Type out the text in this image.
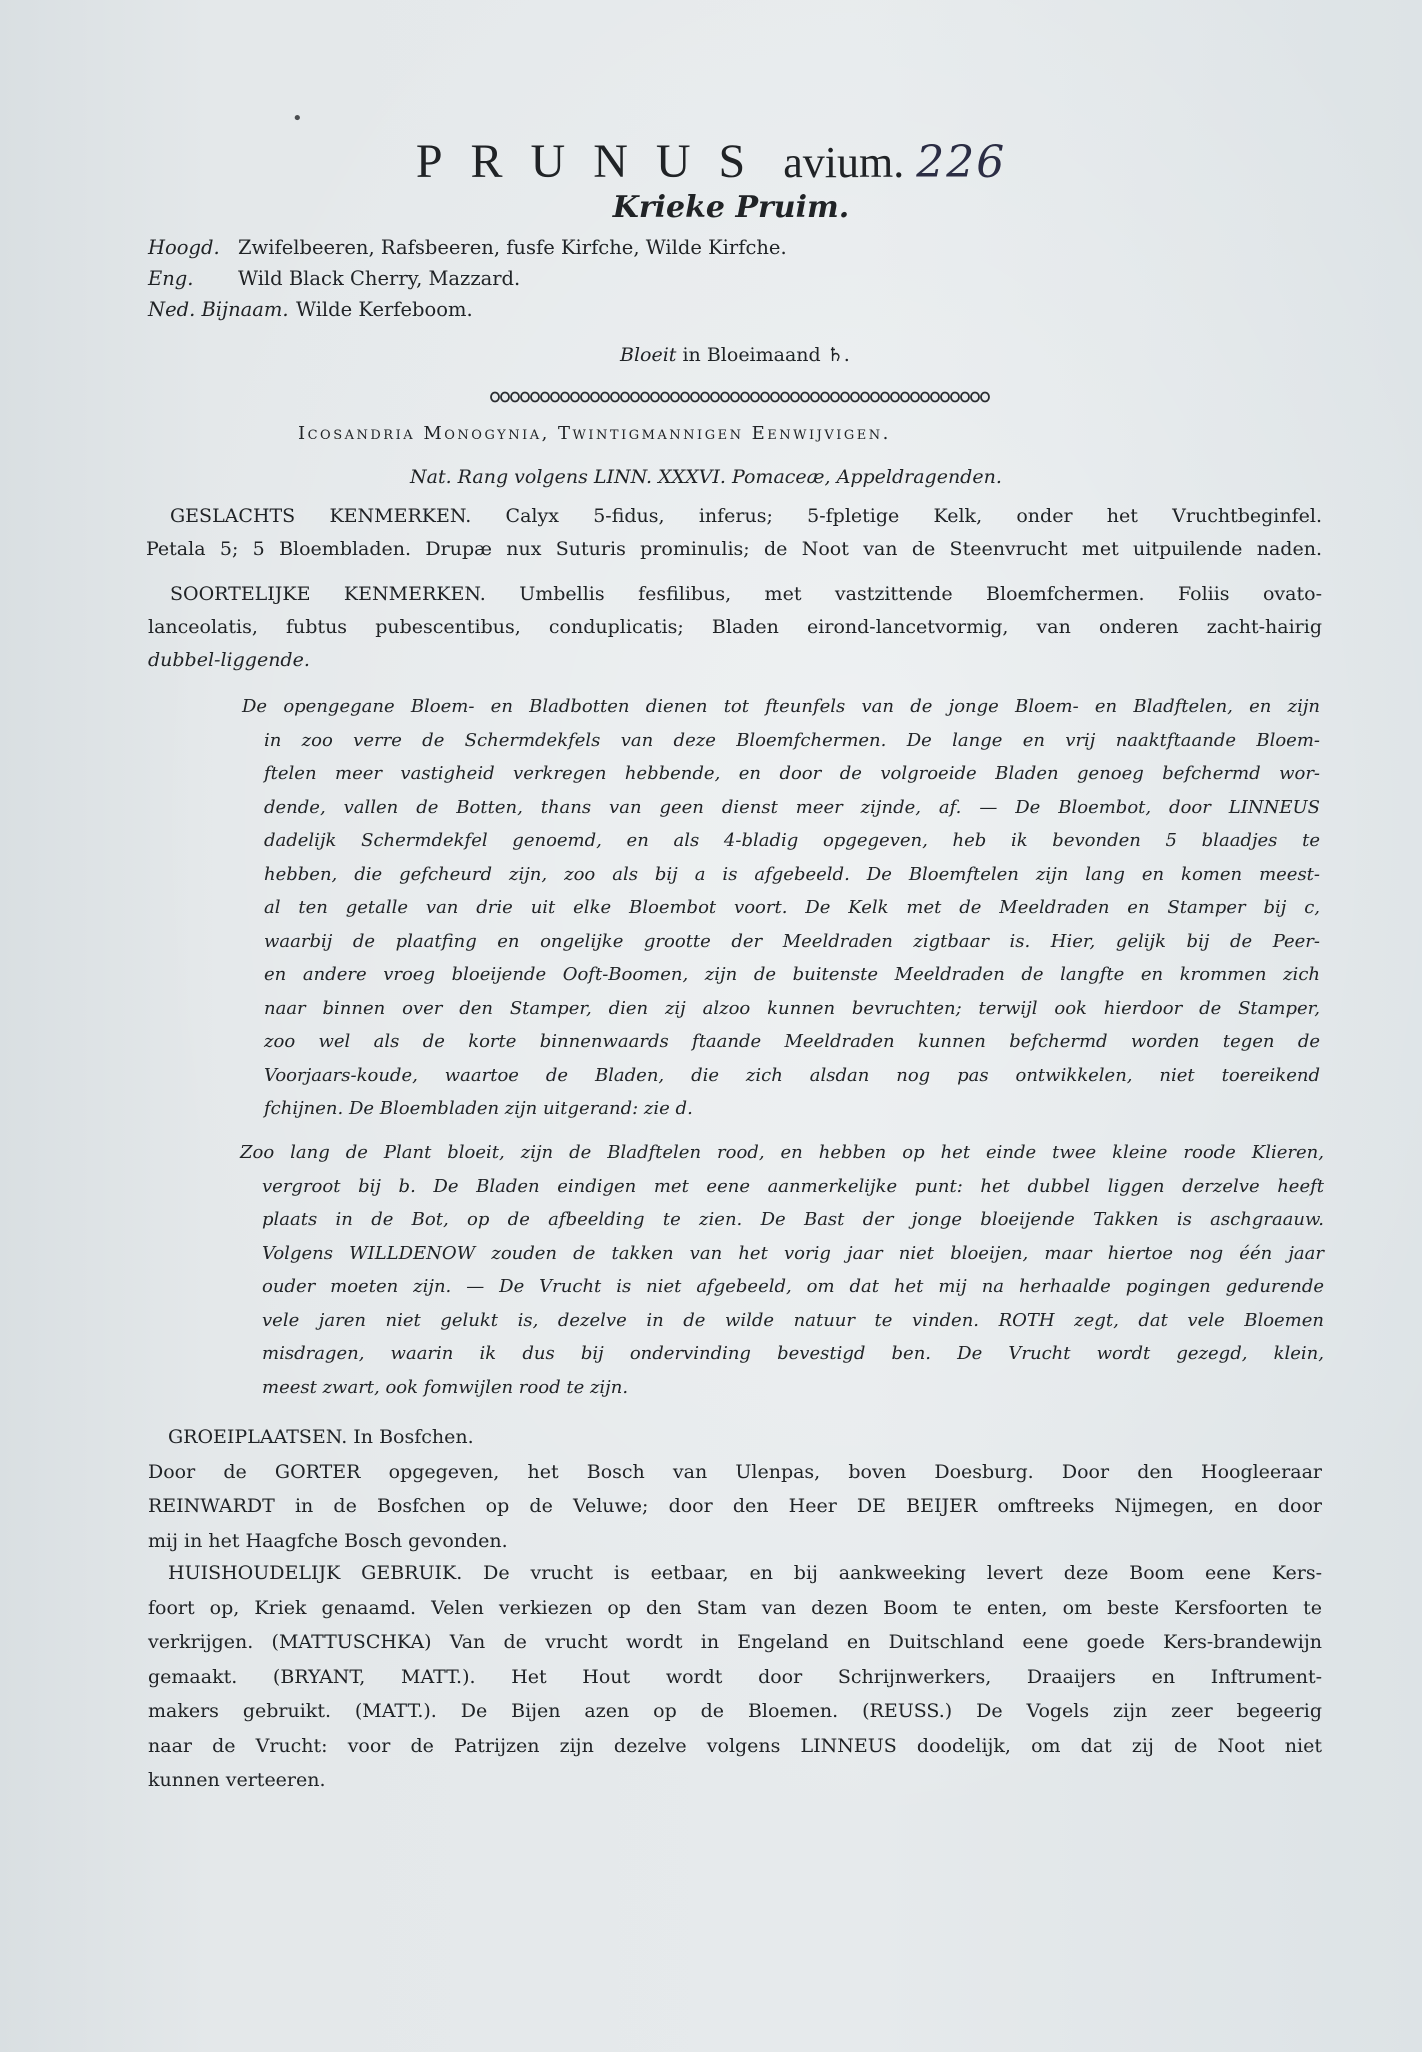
•
PRUNUS avium. 226
Krieke Pruim.
Hoogd. Zwifelbeeren, Rafsbeeren, fusfe Kirfche, Wilde Kirfche.
Eng.	Wild Black Cherry, Mazzard.
Ned. Bijnaam. Wilde Kerfeboom.
Bloeit in Bloeimaand ♄.
Icosandria Monogynia, Twintigmannigen Eenwijvigen.
Nat. Rang volgens LINN. XXXVI. Pomaceæ, Appeldragenden.
GESLACHTS KENMERKEN. Calyx 5-fidus, inferus; 5-fpletige Kelk, onder het Vruchtbeginfel.
Petala 5; 5 Bloembladen. Drupæ nux Suturis prominulis; de Noot van de Steenvrucht met uitpuilende naden.
SOORTELIJKE KENMERKEN. Umbellis fesfilibus, met vastzittende Bloemfchermen. Foliis ovato-
lanceolatis, fubtus pubescentibus, conduplicatis; Bladen eirond-lancetvormig, van onderen zacht-hairig
dubbel-liggende.
De opengegane Bloem- en Bladbotten dienen tot fteunfels van de jonge Bloem- en Bladftelen, en zijn
in zoo verre de Schermdekfels van deze Bloemfchermen. De lange en vrij naaktftaande Bloem-
ftelen meer vastigheid verkregen hebbende, en door de volgroeide Bladen genoeg befchermd wor-
dende, vallen de Botten, thans van geen dienst meer zijnde, af. — De Bloembot, door LINNEUS
dadelijk Schermdekfel genoemd, en als 4-bladig opgegeven, heb ik bevonden 5 blaadjes te
hebben, die gefcheurd zijn, zoo als bij a is afgebeeld. De Bloemftelen zijn lang en komen meest-
al ten getalle van drie uit elke Bloembot voort. De Kelk met de Meeldraden en Stamper bij c,
waarbij de plaatfing en ongelijke grootte der Meeldraden zigtbaar is. Hier, gelijk bij de Peer-
en andere vroeg bloeijende Ooft-Boomen, zijn de buitenste Meeldraden de langfte en krommen zich
naar binnen over den Stamper, dien zij alzoo kunnen bevruchten; terwijl ook hierdoor de Stamper,
zoo wel als de korte binnenwaards ftaande Meeldraden kunnen befchermd worden tegen de
Voorjaars-koude, waartoe de Bladen, die zich alsdan nog pas ontwikkelen, niet toereikend
fchijnen. De Bloembladen zijn uitgerand: zie d.
Zoo lang de Plant bloeit, zijn de Bladftelen rood, en hebben op het einde twee kleine roode Klieren,
vergroot bij b. De Bladen eindigen met eene aanmerkelijke punt: het dubbel liggen derzelve heeft
plaats in de Bot, op de afbeelding te zien. De Bast der jonge bloeijende Takken is aschgraauw.
Volgens WILLDENOW zouden de takken van het vorig jaar niet bloeijen, maar hiertoe nog één jaar
ouder moeten zijn. — De Vrucht is niet afgebeeld, om dat het mij na herhaalde pogingen gedurende
vele jaren niet gelukt is, dezelve in de wilde natuur te vinden. ROTH zegt, dat vele Bloemen
misdragen, waarin ik dus bij ondervinding bevestigd ben. De Vrucht wordt gezegd, klein,
meest zwart, ook fomwijlen rood te zijn.
GROEIPLAATSEN. In Bosfchen.
Door de GORTER opgegeven, het Bosch van Ulenpas, boven Doesburg. Door den Hoogleeraar
REINWARDT in de Bosfchen op de Veluwe; door den Heer DE BEIJER omftreeks Nijmegen, en door
mij in het Haagfche Bosch gevonden.
HUISHOUDELIJK GEBRUIK. De vrucht is eetbaar, en bij aankweeking levert deze Boom eene Kers-
foort op, Kriek genaamd. Velen verkiezen op den Stam van dezen Boom te enten, om beste Kersfoorten te
verkrijgen. (MATTUSCHKA) Van de vrucht wordt in Engeland en Duitschland eene goede Kers-brandewijn
gemaakt. (BRYANT, MATT.). Het Hout wordt door Schrijnwerkers, Draaijers en Inftrument-
makers gebruikt. (MATT.). De Bijen azen op de Bloemen. (REUSS.) De Vogels zijn zeer begeerig
naar de Vrucht: voor de Patrijzen zijn dezelve volgens LINNEUS doodelijk, om dat zij de Noot niet
kunnen verteeren.
